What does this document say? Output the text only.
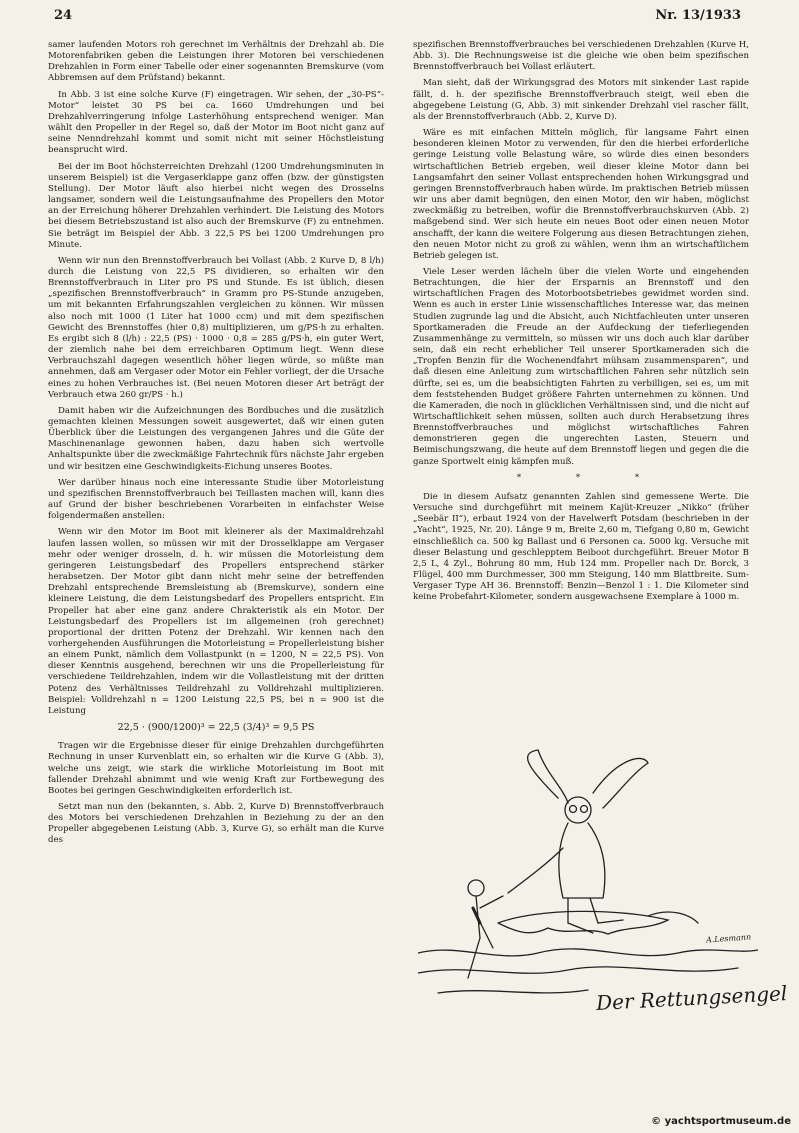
24	Nr. 13/1933

samer laufenden Motors roh gerechnet im Verhältnis der Drehzahl ab. Die Motorenfabriken geben die Leistungen ihrer Motoren bei verschiedenen Drehzahlen in Form einer Tabelle oder einer sogenannten Bremskurve (vom Abbremsen auf dem Prüfstand) bekannt.

In Abb. 3 ist eine solche Kurve (F) eingetragen. Wir sehen, der „30-PS“-Motor“ leistet 30 PS bei ca. 1660 Umdrehungen und bei Drehzahlverringerung infolge Lasterhöhung entsprechend weniger. Man wählt den Propeller in der Regel so, daß der Motor im Boot nicht ganz auf seine Nenndrehzahl kommt und somit nicht mit seiner Höchstleistung beansprucht wird.

Bei der im Boot höchsterreichten Drehzahl (1200 Umdrehungsminuten in unserem Beispiel) ist die Vergaserklappe ganz offen (bzw. der günstigsten Stellung). Der Motor läuft also hierbei nicht wegen des Drosselns langsamer, sondern weil die Leistungsaufnahme des Propellers den Motor an der Erreichung höherer Drehzahlen verhindert. Die Leistung des Motors bei diesem Betriebszustand ist also auch der Bremskurve (F) zu entnehmen. Sie beträgt im Beispiel der Abb. 3 22,5 PS bei 1200 Umdrehungen pro Minute.

Wenn wir nun den Brennstoffverbrauch bei Vollast (Abb. 2 Kurve D, 8 l/h) durch die Leistung von 22,5 PS dividieren, so erhalten wir den Brennstoffverbrauch in Liter pro PS und Stunde. Es ist üblich, diesen „spezifischen Brennstoffverbrauch“ in Gramm pro PS-Stunde anzugeben, um mit bekannten Erfahrungszahlen vergleichen zu können. Wir müssen also noch mit 1000 (1 Liter hat 1000 ccm) und mit dem spezifischen Gewicht des Brennstoffes (hier 0,8) multiplizieren, um g/PS·h zu erhalten. Es ergibt sich 8 (l/h) : 22,5 (PS) · 1000 · 0,8 = 285 g/PS·h, ein guter Wert, der ziemlich nahe bei dem erreichbaren Optimum liegt. Wenn diese Verbrauchszahl dagegen wesentlich höher liegen würde, so müßte man annehmen, daß am Vergaser oder Motor ein Fehler vorliegt, der die Ursache eines zu hohen Verbrauches ist. (Bei neuen Motoren dieser Art beträgt der Verbrauch etwa 260 gr/PS · h.)

Damit haben wir die Aufzeichnungen des Bordbuches und die zusätzlich gemachten kleinen Messungen soweit ausgewertet, daß wir einen guten Überblick über die Leistungen des vergangenen Jahres und die Güte der Maschinenanlage gewonnen haben, dazu haben sich wertvolle Anhaltspunkte über die zweckmäßige Fahrtechnik fürs nächste Jahr ergeben und wir besitzen eine Geschwindigkeits-Eichung unseres Bootes.

Wer darüber hinaus noch eine interessante Studie über Motorleistung und spezifischen Brennstoffverbrauch bei Teillasten machen will, kann dies auf Grund der bisher beschriebenen Vorarbeiten in einfachster Weise folgendermaßen anstellen:

Wenn wir den Motor im Boot mit kleinerer als der Maximaldrehzahl laufen lassen wollen, so müssen wir mit der Drosselklappe am Vergaser mehr oder weniger drosseln, d. h. wir müssen die Motorleistung dem geringeren Leistungsbedarf des Propellers entsprechend stärker herabsetzen. Der Motor gibt dann nicht mehr seine der betreffenden Drehzahl entsprechende Bremsleistung ab (Bremskurve), sondern eine kleinere Leistung, die dem Leistungsbedarf des Propellers entspricht. Ein Propeller hat aber eine ganz andere Chrakteristik als ein Motor. Der Leistungsbedarf des Propellers ist im allgemeinen (roh gerechnet) proportional der dritten Potenz der Drehzahl. Wir kennen nach den vorhergehenden Ausführungen die Motorleistung = Propellerleistung bisher an einem Punkt, nämlich dem Vollastpunkt (n = 1200, N = 22,5 PS). Von dieser Kenntnis ausgehend, berechnen wir uns die Propellerleistung für verschiedene Teildrehzahlen, indem wir die Vollastleistung mit der dritten Potenz des Verhältnisses Teildrehzahl zu Volldrehzahl multiplizieren. Beispiel: Volldrehzahl n = 1200 Leistung 22,5 PS, bei n = 900 ist die Leistung

22,5 · (900/1200)³ = 22,5 (3/4)³ = 9,5 PS

Tragen wir die Ergebnisse dieser für einige Drehzahlen durchgeführten Rechnung in unser Kurvenblatt ein, so erhalten wir die Kurve G (Abb. 3), welche uns zeigt, wie stark die wirkliche Motorleistung im Boot mit fallender Drehzahl abnimmt und wie wenig Kraft zur Fortbewegung des Bootes bei geringen Geschwindigkeiten erforderlich ist.

Setzt man nun den (bekannten, s. Abb. 2, Kurve D) Brennstoffverbrauch des Motors bei verschiedenen Drehzahlen in Beziehung zu der an den Propeller abgegebenen Leistung (Abb. 3, Kurve G), so erhält man die Kurve des

spezifischen Brennstoffverbrauches bei verschiedenen Drehzahlen (Kurve H, Abb. 3). Die Rechnungsweise ist die gleiche wie oben beim spezifischen Brennstoffverbrauch bei Vollast erläutert.

Man sieht, daß der Wirkungsgrad des Motors mit sinkender Last rapide fällt, d. h. der spezifische Brennstoffverbrauch steigt, weil eben die abgegebene Leistung (G, Abb. 3) mit sinkender Drehzahl viel rascher fällt, als der Brennstoffverbrauch (Abb. 2, Kurve D).

Wäre es mit einfachen Mitteln möglich, für langsame Fahrt einen besonderen kleinen Motor zu verwenden, für den die hierbei erforderliche geringe Leistung volle Belastung wäre, so würde dies einen besonders wirtschaftlichen Betrieb ergeben, weil dieser kleine Motor dann bei Langsamfahrt den seiner Vollast entsprechenden hohen Wirkungsgrad und geringen Brennstoffverbrauch haben würde. Im praktischen Betrieb müssen wir uns aber damit begnügen, den einen Motor, den wir haben, möglichst zweckmäßig zu betreiben, wofür die Brennstoffverbrauchskurven (Abb. 2) maßgebend sind. Wer sich heute ein neues Boot oder einen neuen Motor anschafft, der kann die weitere Folgerung aus diesen Betrachtungen ziehen, den neuen Motor nicht zu groß zu wählen, wenn ihm an wirtschaftlichem Betrieb gelegen ist.

Viele Leser werden lächeln über die vielen Worte und eingehenden Betrachtungen, die hier der Ersparnis an Brennstoff und den wirtschaftlichen Fragen des Motorbootsbetriebes gewidmet worden sind. Wenn es auch in erster Linie wissenschaftliches Interesse war, das meinen Studien zugrunde lag und die Absicht, auch Nichtfachleuten unter unseren Sportkameraden die Freude an der Aufdeckung der tieferliegenden Zusammenhänge zu vermitteln, so müssen wir uns doch auch klar darüber sein, daß ein recht erheblicher Teil unserer Sportkameraden sich die „Tropfen Benzin für die Wochenendfahrt mühsam zusammensparen“, und daß diesen eine Anleitung zum wirtschaftlichen Fahren sehr nützlich sein dürfte, sei es, um die beabsichtigten Fahrten zu verbilligen, sei es, um mit dem feststehenden Budget größere Fahrten unternehmen zu können. Und die Kameraden, die noch in glücklichen Verhältnissen sind, und die nicht auf Wirtschaftlichkeit sehen müssen, sollten auch durch Herabsetzung ihres Brennstoffverbrauches und möglichst wirtschaftliches Fahren demonstrieren gegen die ungerechten Lasten, Steuern und Beimischungszwang, die heute auf dem Brennstoff liegen und gegen die die ganze Sportwelt einig kämpfen muß.

* * *

Die in diesem Aufsatz genannten Zahlen sind gemessene Werte. Die Versuche sind durchgeführt mit meinem Kajüt-Kreuzer „Nikko“ (früher „Seebär II“), erbaut 1924 von der Havelwerft Potsdam (beschrieben in der „Yacht“, 1925, Nr. 20). Länge 9 m, Breite 2,60 m, Tiefgang 0,80 m, Gewicht einschließlich ca. 500 kg Ballast und 6 Personen ca. 5000 kg. Versuche mit dieser Belastung und geschlepptem Beiboot durchgeführt. Breuer Motor B 2,5 L, 4 Zyl., Bohrung 80 mm, Hub 124 mm. Propeller nach Dr. Borck, 3 Flügel, 400 mm Durchmesser, 300 mm Steigung, 140 mm Blattbreite. Sum-Vergaser Type AH 36. Brennstoff: Benzin—Benzol 1 : 1. Die Kilometer sind keine Probefahrt-Kilometer, sondern ausgewachsene Exemplare à 1000 m.

A.Lesmann
Der Rettungsengel
© yachtsportmuseum.de
